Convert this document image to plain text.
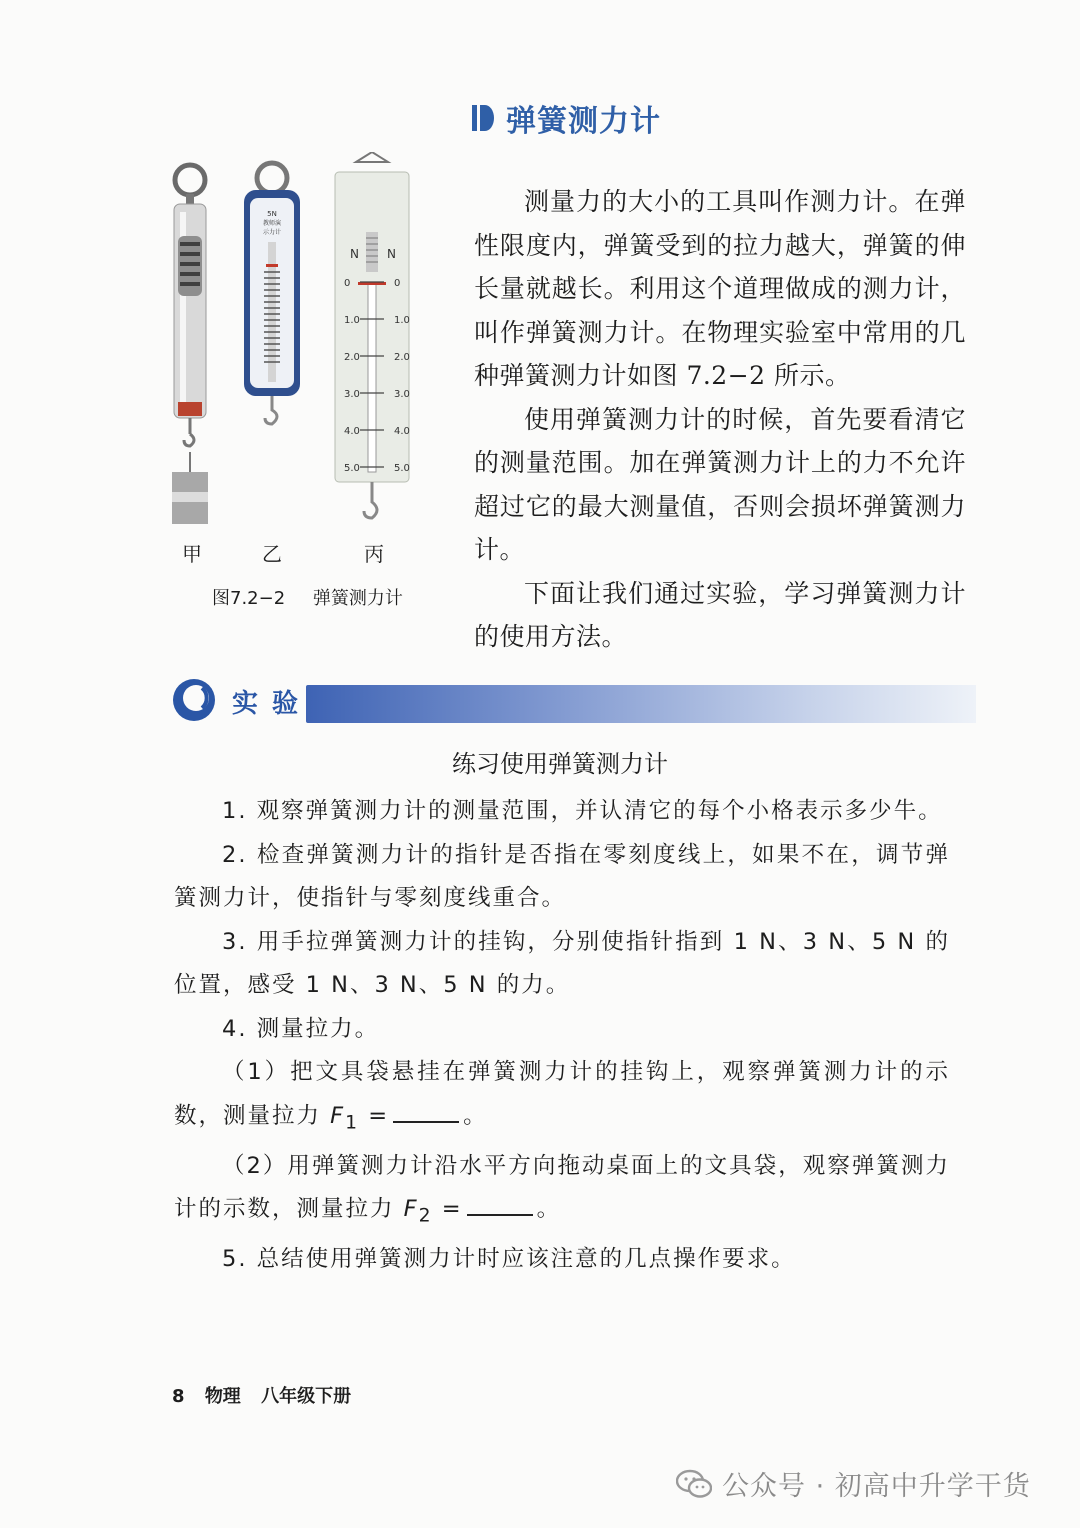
弹簧测力计
5N
教师演
示力计
N N
0	0
1.0	1.0
2.0	2.0
3.0	3.0
4.0	4.0
5.0	5.0
甲	乙	丙
图7.2−2 弹簧测力计

测量力的大小的工具叫作测力计。在弹性限度内，弹簧受到的拉力越大，弹簧的伸长量就越长。利用这个道理做成的测力计，叫作弹簧测力计。在物理实验室中常用的几种弹簧测力计如图 7.2−2 所示。

使用弹簧测力计的时候，首先要看清它的测量范围。加在弹簧测力计上的力不允许超过它的最大测量值，否则会损坏弹簧测力计。

下面让我们通过实验，学习弹簧测力计的使用方法。

实验
练习使用弹簧测力计

1. 观察弹簧测力计的测量范围，并认清它的每个小格表示多少牛。

2. 检查弹簧测力计的指针是否指在零刻度线上，如果不在，调节弹簧测力计，使指针与零刻度线重合。

3. 用手拉弹簧测力计的挂钩，分别使指针指到 1 N、3 N、5 N 的位置，感受 1 N、3 N、5 N 的力。

4. 测量拉力。

（1）把文具袋悬挂在弹簧测力计的挂钩上，观察弹簧测力计的示数，测量拉力 $F_1$ =	。

（2）用弹簧测力计沿水平方向拖动桌面上的文具袋，观察弹簧测力计的示数，测量拉力 $F_2$ =	。

5. 总结使用弹簧测力计时应该注意的几点操作要求。

8 物理 八年级下册
公众号 · 初高中升学干货
